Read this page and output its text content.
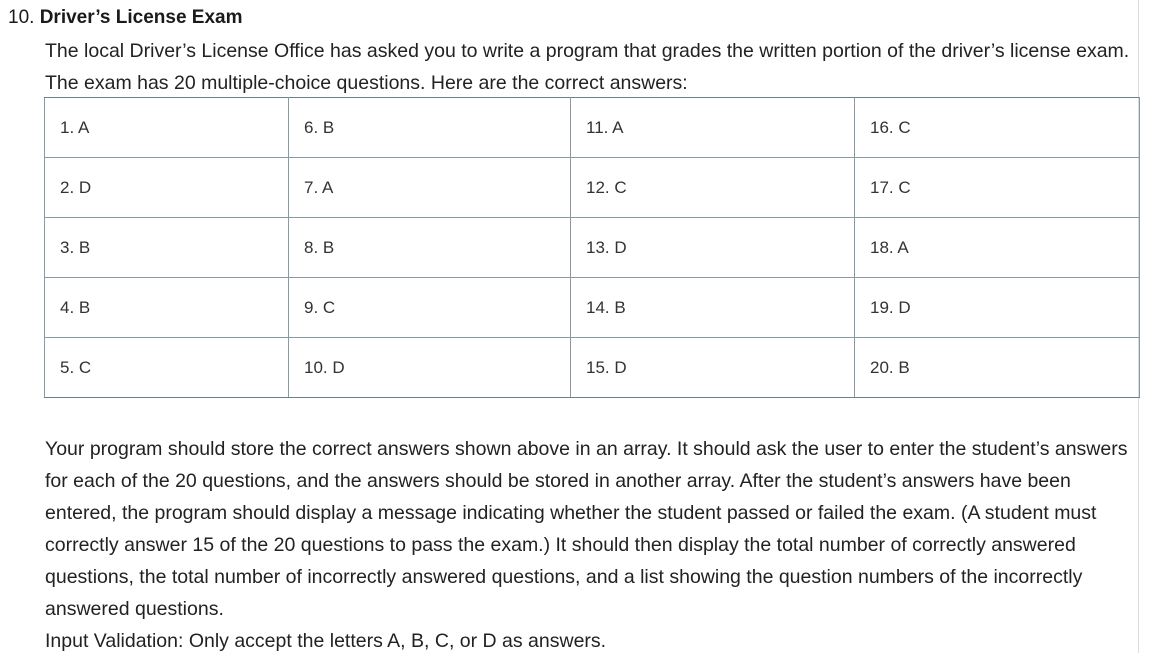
10. Driver’s License Exam
The local Driver’s License Office has asked you to write a program that grades the written portion of the driver’s license exam. The exam has 20 multiple-choice questions. Here are the correct answers:
1. A	6. B	11. A	16. C
2. D	7. A	12. C	17. C
3. B	8. B	13. D	18. A
4. B	9. C	14. B	19. D
5. C	10. D	15. D	20. B

Your program should store the correct answers shown above in an array. It should ask the user to enter the student’s answers for each of the 20 questions, and the answers should be stored in another array. After the student’s answers have been entered, the program should display a message indicating whether the student passed or failed the exam. (A student must correctly answer 15 of the 20 questions to pass the exam.) It should then display the total number of correctly answered questions, the total number of incorrectly answered questions, and a list showing the question numbers of the incorrectly answered questions.

Input Validation: Only accept the letters A, B, C, or D as answers.
